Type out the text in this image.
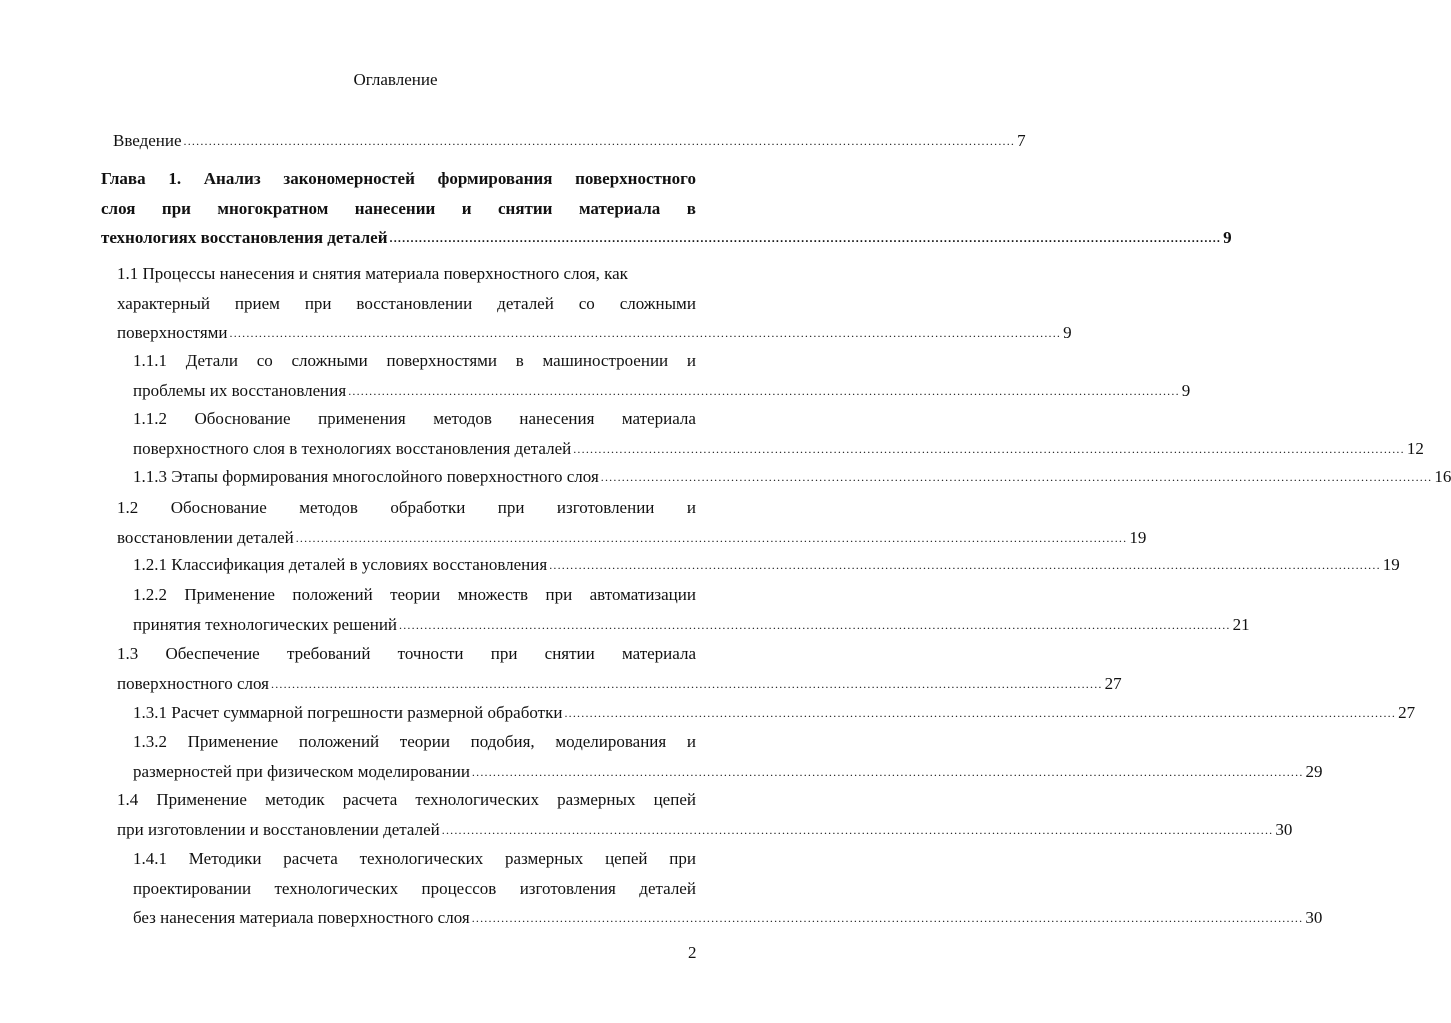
Оглавление
Введение ...................................................................................................................................................................................................... 7
Глава 1. Анализ закономерностей формирования поверхностного
слоя при многократном нанесении и снятии материала в
технологиях восстановления деталей ...................................................................................................................................................................................................... 9
1.1 Процессы нанесения и снятия материала поверхностного слоя, как
характерный прием при восстановлении деталей со сложными
поверхностями ...................................................................................................................................................................................................... 9
1.1.1 Детали со сложными поверхностями в машиностроении и
проблемы их восстановления ...................................................................................................................................................................................................... 9
1.1.2 Обоснование применения методов нанесения материала
поверхностного слоя в технологиях восстановления деталей ...................................................................................................................................................................................................... 12
1.1.3 Этапы формирования многослойного поверхностного слоя ...................................................................................................................................................................................................... 16
1.2 Обоснование методов обработки при изготовлении и
восстановлении деталей ...................................................................................................................................................................................................... 19
1.2.1 Классификация деталей в условиях восстановления ...................................................................................................................................................................................................... 19
1.2.2 Применение положений теории множеств при автоматизации
принятия технологических решений ...................................................................................................................................................................................................... 21
1.3 Обеспечение требований точности при снятии материала
поверхностного слоя ...................................................................................................................................................................................................... 27
1.3.1 Расчет суммарной погрешности размерной обработки ...................................................................................................................................................................................................... 27
1.3.2 Применение положений теории подобия, моделирования и
размерностей при физическом моделировании ...................................................................................................................................................................................................... 29
1.4 Применение методик расчета технологических размерных цепей
при изготовлении и восстановлении деталей ...................................................................................................................................................................................................... 30
1.4.1 Методики расчета технологических размерных цепей при
проектировании технологических процессов изготовления деталей
без нанесения материала поверхностного слоя ...................................................................................................................................................................................................... 30
2
